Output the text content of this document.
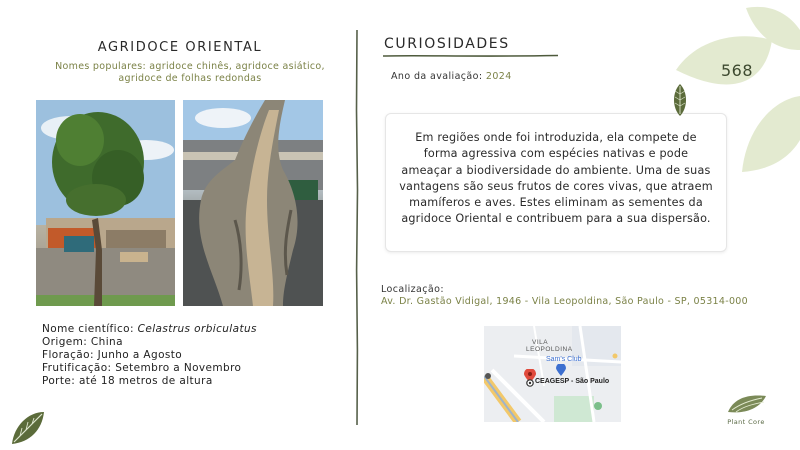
AGRIDOCE ORIENTAL
Nomes populares: agridoce chinês, agridoce asiático,
agridoce de folhas redondas
Nome científico: Celastrus orbiculatus
Origem: China
Floração: Junho a Agosto
Frutificação: Setembro a Novembro
Porte: até 18 metros de altura
CURIOSIDADES
Ano da avaliação: 2024

Em regiões onde foi introduzida, ela compete de forma agressiva com espécies nativas e pode ameaçar a biodiversidade do ambiente. Uma de suas vantagens são seus frutos de cores vivas, que atraem mamíferos e aves. Estes eliminam as sementes da agridoce Oriental e contribuem para a sua dispersão.

Localização:
Av. Dr. Gastão Vidigal, 1946 - Vila Leopoldina, São Paulo - SP, 05314-000
VILA
LEOPOLDINA
Sam's Club
CEAGESP - São Paulo
568
Plant Core
